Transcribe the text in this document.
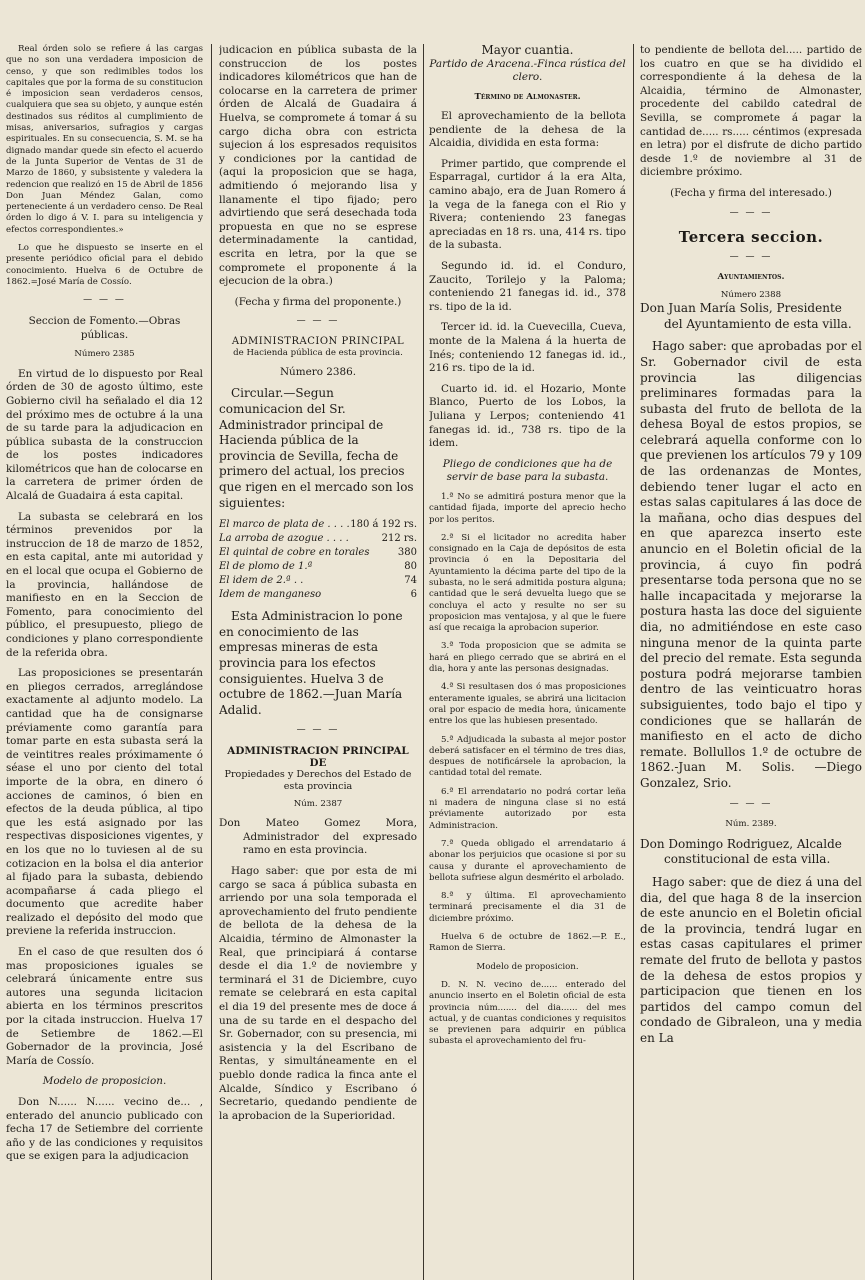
Real órden solo se refiere á las cargas que no son una verdadera imposicion de censo, y que son redimibles todos los capitales que por la forma de su constitucion é imposicion sean verdaderos censos, cualquiera que sea su objeto, y aunque estén destinados sus réditos al cumplimiento de misas, aniversarios, sufragios y cargas espirituales. En su consecuencia, S. M. se ha dignado mandar quede sin efecto el acuerdo de la Junta Superior de Ventas de 31 de Marzo de 1860, y subsistente y valedera la redencion que realizó en 15 de Abril de 1856 Don Juan Méndez Galan, como perteneciente á un verdadero censo. De Real órden lo digo á V. I. para su inteligencia y efectos correspondientes.»
Lo que he dispuesto se inserte en el presente periódico oficial para el debido conocimiento. Huelva 6 de Octubre de 1862.=José María de Cossío.
— — —
Seccion de Fomento.—Obras públicas.
Número 2385
En virtud de lo dispuesto por Real órden de 30 de agosto último, este Gobierno civil ha señalado el dia 12 del próximo mes de octubre á la una de su tarde para la adjudicacion en pública subasta de la construccion de los postes indicadores kilométricos que han de colocarse en la carretera de primer órden de Alcalá de Guadaira á esta capital.
La subasta se celebrará en los términos prevenidos por la instruccion de 18 de marzo de 1852, en esta capital, ante mi autoridad y en el local que ocupa el Gobierno de la provincia, hallándose de manifiesto en en la Seccion de Fomento, para conocimiento del público, el presupuesto, pliego de condiciones y plano correspondiente de la referida obra.
Las proposiciones se presentarán en pliegos cerrados, arreglándose exactamente al adjunto modelo. La cantidad que ha de consignarse préviamente como garantía para tomar parte en esta subasta será la de veintitres reales próximamente ó séase el uno por ciento del total importe de la obra, en dinero ó acciones de caminos, ó bien en efectos de la deuda pública, al tipo que les está asignado por las respectivas disposiciones vigentes, y en los que no lo tuviesen al de su cotizacion en la bolsa el dia anterior al fijado para la subasta, debiendo acompañarse á cada pliego el documento que acredite haber realizado el depósito del modo que previene la referida instruccion.
En el caso de que resulten dos ó mas proposiciones iguales se celebrará únicamente entre sus autores una segunda licitacion abierta en los términos prescritos por la citada instruccion. Huelva 17 de Setiembre de 1862.—El Gobernador de la provincia, José María de Cossío.
Modelo de proposicion.
Don N...... N...... vecino de... , enterado del anuncio publicado con fecha 17 de Setiembre del corriente año y de las condiciones y requisitos que se exigen para la adjudicacion
judicacion en pública subasta de la construccion de los postes indicadores kilométricos que han de colocarse en la carretera de primer órden de Alcalá de Guadaira á Huelva, se compromete á tomar á su cargo dicha obra con estricta sujecion á los espresados requisitos y condiciones por la cantidad de (aqui la proposicion que se haga, admitiendo ó mejorando lisa y llanamente el tipo fijado; pero advirtiendo que será desechada toda propuesta en que no se esprese determinadamente la cantidad, escrita en letra, por la que se compromete el proponente á la ejecucion de la obra.)
(Fecha y firma del proponente.)
— — —
ADMINISTRACION PRINCIPAL
de Hacienda pública de esta provincia.
Número 2386.
Circular.—Segun comunicacion del Sr. Administrador principal de Hacienda pública de la provincia de Sevilla, fecha de primero del actual, los precios que rigen en el mercado son los siguientes:
El marco de plata de . . . . 180 á 192 rs.
La arroba de azogue . . . .	212 rs.
El quintal de cobre en torales	380
El de plomo de 1.ª	80
El idem de 2.ª . .	74
Idem de manganeso	6
Esta Administracion lo pone en conocimiento de las empresas mineras de esta provincia para los efectos consiguientes. Huelva 3 de octubre de 1862.—Juan María Adalid.
— — —
ADMINISTRACION PRINCIPAL DE
Propiedades y Derechos del Estado de esta provincia
Núm. 2387
Don Mateo Gomez Mora, Administrador del expresado ramo en esta provincia.
Hago saber: que por esta de mi cargo se saca á pública subasta en arriendo por una sola temporada el aprovechamiento del fruto pendiente de bellota de la dehesa de la Alcaidia, término de Almonaster la Real, que principiará á contarse desde el dia 1.º de noviembre y terminará el 31 de Diciembre, cuyo remate se celebrará en esta capital el dia 19 del presente mes de doce á una de su tarde en el despacho del Sr. Gobernador, con su presencia, mi asistencia y la del Escribano de Rentas, y simultáneamente en el pueblo donde radica la finca ante el Alcalde, Síndico y Escribano ó Secretario, quedando pendiente de la aprobacion de la Superioridad.
Mayor cuantia.
Partido de Aracena.-Finca rústica del clero.
Término de Almonaster.
El aprovechamiento de la bellota pendiente de la dehesa de la Alcaidia, dividida en esta forma:
Primer partido, que comprende el Esparragal, curtidor á la era Alta, camino abajo, era de Juan Romero á la vega de la fanega con el Rio y Rivera; conteniendo 23 fanegas apreciadas en 18 rs. una, 414 rs. tipo de la subasta.
Segundo id. id. el Conduro, Zaucito, Torilejo y la Paloma; conteniendo 21 fanegas id. id., 378 rs. tipo de la id.
Tercer id. id. la Cuevecilla, Cueva, monte de la Malena á la huerta de Inés; conteniendo 12 fanegas id. id., 216 rs. tipo de la id.
Cuarto id. id. el Hozario, Monte Blanco, Puerto de los Lobos, la Juliana y Lerpos; conteniendo 41 fanegas id. id., 738 rs. tipo de la idem.
Pliego de condiciones que ha de servir de base para la subasta.
1.ª No se admitirá postura menor que la cantidad fijada, importe del aprecio hecho por los peritos.
2.ª Si el licitador no acredita haber consignado en la Caja de depósitos de esta provincia ó en la Depositaria del Ayuntamiento la décima parte del tipo de la subasta, no le será admitida postura alguna; cantidad que le será devuelta luego que se concluya el acto y resulte no ser su proposicion mas ventajosa, y al que le fuere así que recaiga la aprobacion superior.
3.ª Toda proposicion que se admita se hará en pliego cerrado que se abrirá en el dia, hora y ante las personas designadas.
4.ª Si resultasen dos ó mas proposiciones enteramente iguales, se abrirá una licitacion oral por espacio de media hora, únicamente entre los que las hubiesen presentado.
5.ª Adjudicada la subasta al mejor postor deberá satisfacer en el término de tres dias, despues de notificársele la aprobacion, la cantidad total del remate.
6.ª El arrendatario no podrá cortar leña ni madera de ninguna clase si no está préviamente autorizado por esta Administracion.
7.ª Queda obligado el arrendatario á abonar los perjuicios que ocasione si por su causa y durante el aprovechamiento de bellota sufriese algun desmérito el arbolado.
8.ª y última. El aprovechamiento terminará precisamente el dia 31 de diciembre próximo.
Huelva 6 de octubre de 1862.—P. E., Ramon de Sierra.
Modelo de proposicion.
D. N. N. vecino de...... enterado del anuncio inserto en el Boletin oficial de esta provincia núm....... del dia...... del mes actual, y de cuantas condiciones y requisitos se previenen para adquirir en pública subasta el aprovechamiento del fru-
to pendiente de bellota del..... partido de los cuatro en que se ha dividido el correspondiente á la dehesa de la Alcaidia, término de Almonaster, procedente del cabildo catedral de Sevilla, se compromete á pagar la cantidad de..... rs..... céntimos (expresada en letra) por el disfrute de dicho partido desde 1.º de noviembre al 31 de diciembre próximo.
(Fecha y firma del interesado.)
— — —
Tercera seccion.
— — —
Ayuntamientos.
Número 2388
Don Juan María Solis, Presidente del Ayuntamiento de esta villa.
Hago saber: que aprobadas por el Sr. Gobernador civil de esta provincia las diligencias preliminares formadas para la subasta del fruto de bellota de la dehesa Boyal de estos propios, se celebrará aquella conforme con lo que previenen los artículos 79 y 109 de las ordenanzas de Montes, debiendo tener lugar el acto en estas salas capitulares á las doce de la mañana, ocho dias despues del en que aparezca inserto este anuncio en el Boletin oficial de la provincia, á cuyo fin podrá presentarse toda persona que no se halle incapacitada y mejorarse la postura hasta las doce del siguiente dia, no admitiéndose en este caso ninguna menor de la quinta parte del precio del remate. Esta segunda postura podrá mejorarse tambien dentro de las veinticuatro horas subsiguientes, todo bajo el tipo y condiciones que se hallarán de manifiesto en el acto de dicho remate. Bollullos 1.º de octubre de 1862.-Juan M. Solis. —Diego Gonzalez, Srio.
— — —
Núm. 2389.
Don Domingo Rodriguez, Alcalde constitucional de esta villa.
Hago saber: que de diez á una del dia, del que haga 8 de la insercion de este anuncio en el Boletin oficial de la provincia, tendrá lugar en estas casas capitulares el primer remate del fruto de bellota y pastos de la dehesa de estos propios y participacion que tienen en los partidos del campo comun del condado de Gibraleon, una y media en La
